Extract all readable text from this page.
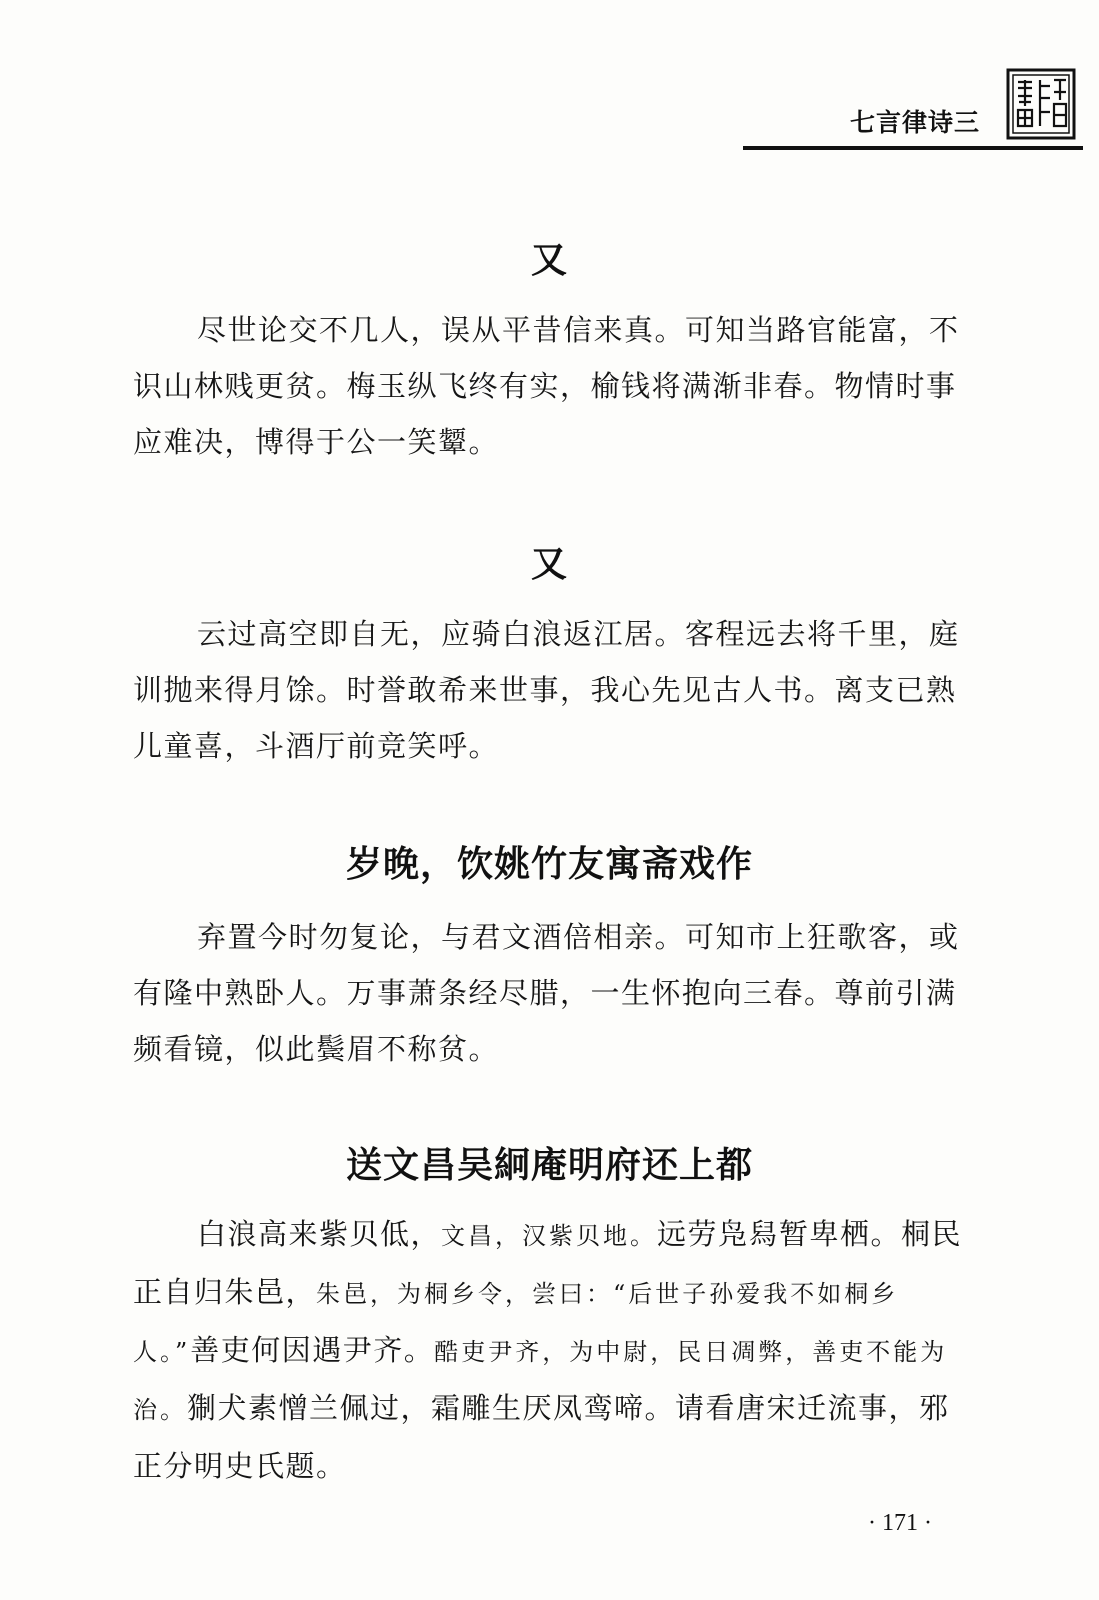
七言律诗三
又

尽世论交不几人，误从平昔信来真。可知当路官能富，不识山林贱更贫。梅玉纵飞终有实，榆钱将满渐非春。物情时事应难决，博得于公一笑颦。

又

云过高空即自无，应骑白浪返江居。客程远去将千里，庭训抛来得月馀。时誉敢希来世事，我心先见古人书。离支已熟儿童喜，斗酒厅前竞笑呼。

岁晚，饮姚竹友寓斋戏作

弃置今时勿复论，与君文酒倍相亲。可知市上狂歌客，或有隆中熟卧人。万事萧条经尽腊，一生怀抱向三春。尊前引满频看镜，似此鬓眉不称贫。

送文昌吴絅庵明府还上都

白浪高来紫贝低，文昌，汉紫贝地。远劳凫舄暂卑栖。桐民正自归朱邑，朱邑，为桐乡令，尝曰：“后世子孙爱我不如桐乡人。”善吏何因遇尹齐。酷吏尹齐，为中尉，民日凋弊，善吏不能为治。猘犬素憎兰佩过，霜雕生厌凤鸾啼。请看唐宋迁流事，邪正分明史氏题。

· 171 ·
